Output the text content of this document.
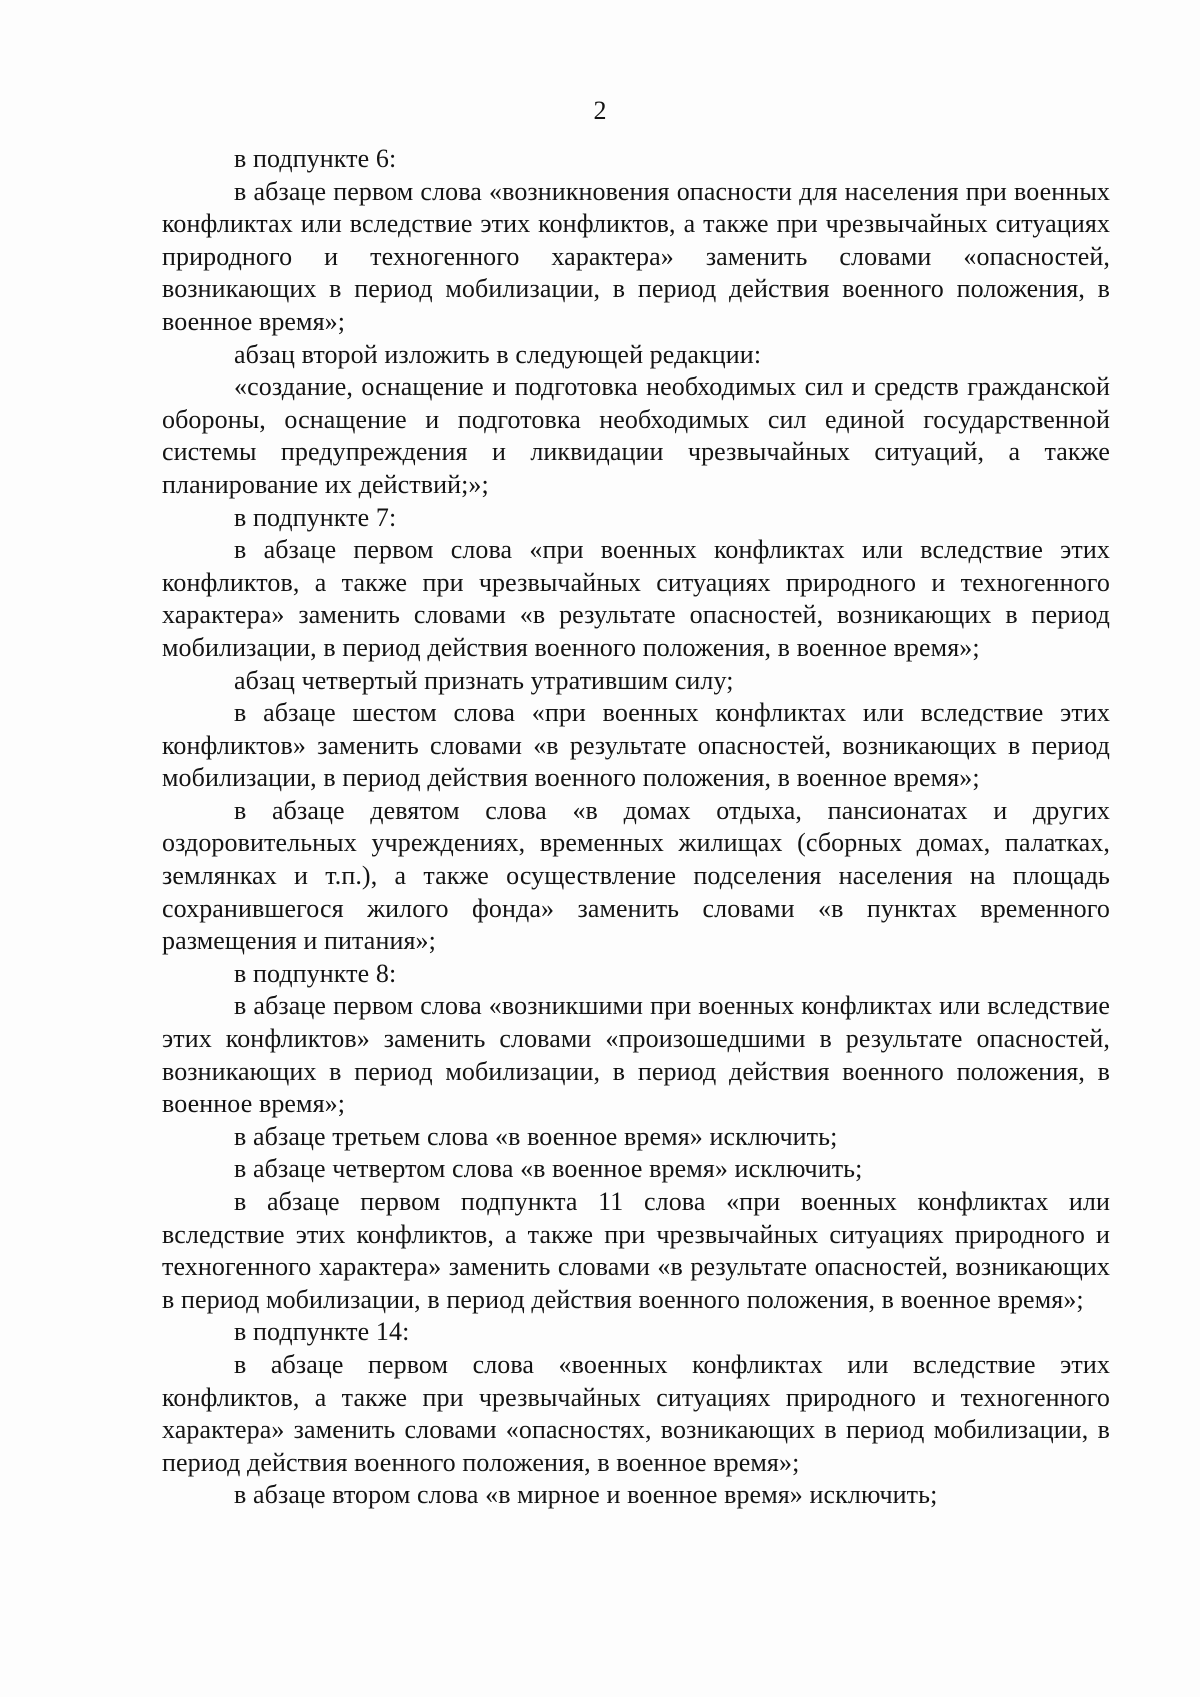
2

в подпункте 6:

в абзаце первом слова «возникновения опасности для населения при военных конфликтах или вследствие этих конфликтов, а также при чрезвычайных ситуациях природного и техногенного характера» заменить словами «опасностей, возникающих в период мобилизации, в период действия военного положения, в военное время»;

абзац второй изложить в следующей редакции:

«создание, оснащение и подготовка необходимых сил и средств гражданской обороны, оснащение и подготовка необходимых сил единой государственной системы предупреждения и ликвидации чрезвычайных ситуаций, а также планирование их действий;»;

в подпункте 7:

в абзаце первом слова «при военных конфликтах или вследствие этих конфликтов, а также при чрезвычайных ситуациях природного и техногенного характера» заменить словами «в результате опасностей, возникающих в период мобилизации, в период действия военного положения, в военное время»;

абзац четвертый признать утратившим силу;

в абзаце шестом слова «при военных конфликтах или вследствие этих конфликтов» заменить словами «в результате опасностей, возникающих в период мобилизации, в период действия военного положения, в военное время»;

в абзаце девятом слова «в домах отдыха, пансионатах и других оздоровительных учреждениях, временных жилищах (сборных домах, палатках, землянках и т.п.), а также осуществление подселения населения на площадь сохранившегося жилого фонда» заменить словами «в пунктах временного размещения и питания»;

в подпункте 8:

в абзаце первом слова «возникшими при военных конфликтах или вследствие этих конфликтов» заменить словами «произошедшими в результате опасностей, возникающих в период мобилизации, в период действия военного положения, в военное время»;

в абзаце третьем слова «в военное время» исключить;

в абзаце четвертом слова «в военное время» исключить;

в абзаце первом подпункта 11 слова «при военных конфликтах или вследствие этих конфликтов, а также при чрезвычайных ситуациях природного и техногенного характера» заменить словами «в результате опасностей, возникающих в период мобилизации, в период действия военного положения, в военное время»;

в подпункте 14:

в абзаце первом слова «военных конфликтах или вследствие этих конфликтов, а также при чрезвычайных ситуациях природного и техногенного характера» заменить словами «опасностях, возникающих в период мобилизации, в период действия военного положения, в военное время»;

в абзаце втором слова «в мирное и военное время» исключить;
